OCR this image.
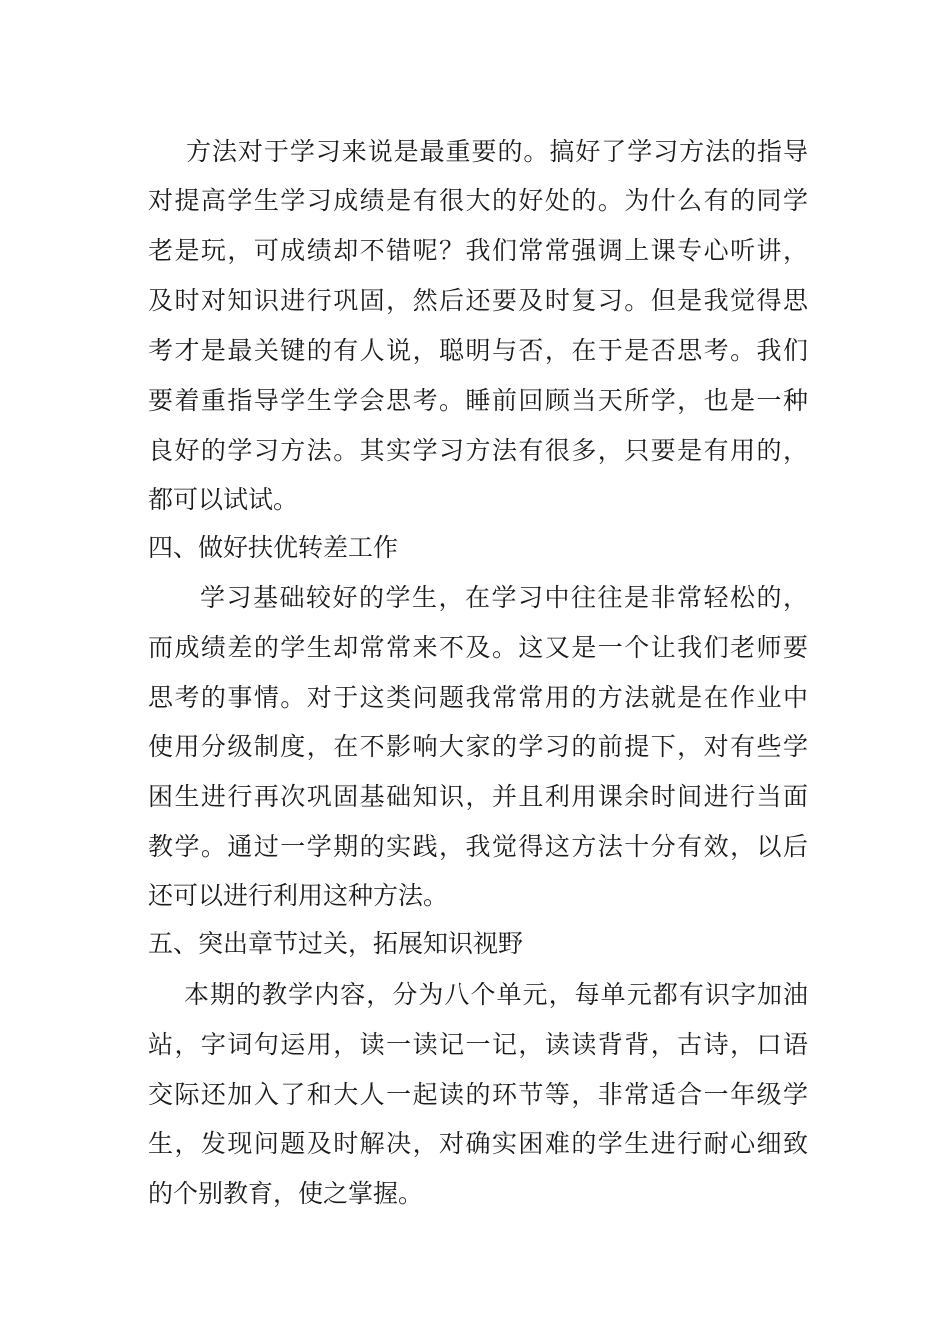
方法对于学习来说是最重要的。搞好了学习方法的指导
对提高学生学习成绩是有很大的好处的。为什么有的同学
老是玩，可成绩却不错呢？我们常常强调上课专心听讲，
及时对知识进行巩固，然后还要及时复习。但是我觉得思
考才是最关键的有人说，聪明与否，在于是否思考。我们
要着重指导学生学会思考。睡前回顾当天所学，也是一种
良好的学习方法。其实学习方法有很多，只要是有用的，
都可以试试。
四、做好扶优转差工作
学习基础较好的学生，在学习中往往是非常轻松的，
而成绩差的学生却常常来不及。这又是一个让我们老师要
思考的事情。对于这类问题我常常用的方法就是在作业中
使用分级制度，在不影响大家的学习的前提下，对有些学
困生进行再次巩固基础知识，并且利用课余时间进行当面
教学。通过一学期的实践，我觉得这方法十分有效，以后
还可以进行利用这种方法。
五、突出章节过关，拓展知识视野
本期的教学内容，分为八个单元，每单元都有识字加油
站，字词句运用，读一读记一记，读读背背，古诗，口语
交际还加入了和大人一起读的环节等，非常适合一年级学
生，发现问题及时解决，对确实困难的学生进行耐心细致
的个别教育，使之掌握。
